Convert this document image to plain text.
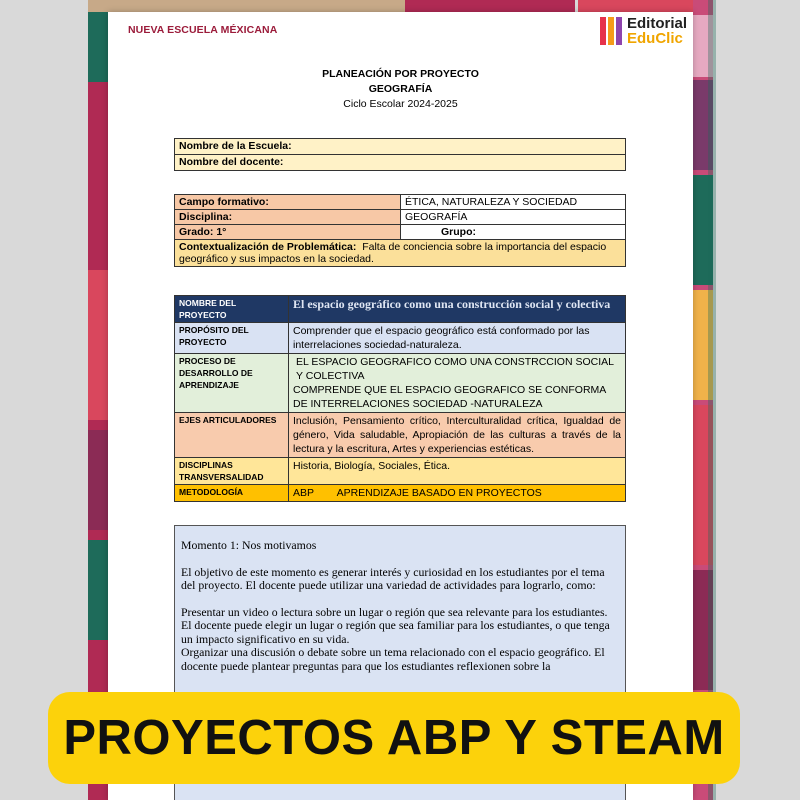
NUEVA ESCUELA MÉXICANA	Editorial
EduClic
PLANEACIÓN POR PROYECTO
GEOGRAFÍA
Ciclo Escolar 2024-2025
Nombre de la Escuela:
Nombre del docente:
Campo formativo:	ÉTICA, NATURALEZA Y SOCIEDAD
Disciplina:	GEOGRAFÍA
Grado: 1°	Grupo:
Contextualización de Problemática: Falta de conciencia sobre la importancia del espacio geográfico y sus impactos en la sociedad.	
NOMBRE DEL PROYECTO	El espacio geográfico como una construcción social y colectiva
PROPÓSITO DEL PROYECTO	Comprender que el espacio geográfico está conformado por las interrelaciones sociedad-naturaleza.
PROCESO DE DESARROLLO DE APRENDIZAJE	EL ESPACIO GEOGRAFICO COMO UNA CONSTRCCION SOCIAL Y COLECTIVA
COMPRENDE QUE EL ESPACIO GEOGRAFICO SE CONFORMA DE INTERRELACIONES SOCIEDAD -NATURALEZA

EJES ARTICULADORES	Inclusión, Pensamiento crítico, Interculturalidad crítica, Igualdad de género, Vida saludable, Apropiación de las culturas a través de la lectura y la escritura, Artes y experiencias estéticas.
DISCIPLINAS TRANSVERSALIDAD	Historia, Biología, Sociales, Ética.
METODOLOGÍA	ABP        APRENDIZAJE BASADO EN PROYECTOS

Momento 1: Nos motivamos

El objetivo de este momento es generar interés y curiosidad en los estudiantes por el tema del proyecto. El docente puede utilizar una variedad de actividades para lograrlo, como:

Presentar un video o lectura sobre un lugar o región que sea relevante para los estudiantes. El docente puede elegir un lugar o región que sea familiar para los estudiantes, o que tenga un impacto significativo en su vida.

Organizar una discusión o debate sobre un tema relacionado con el espacio geográfico. El docente puede plantear preguntas para que los estudiantes reflexionen sobre la

PROYECTOS ABP Y STEAM
